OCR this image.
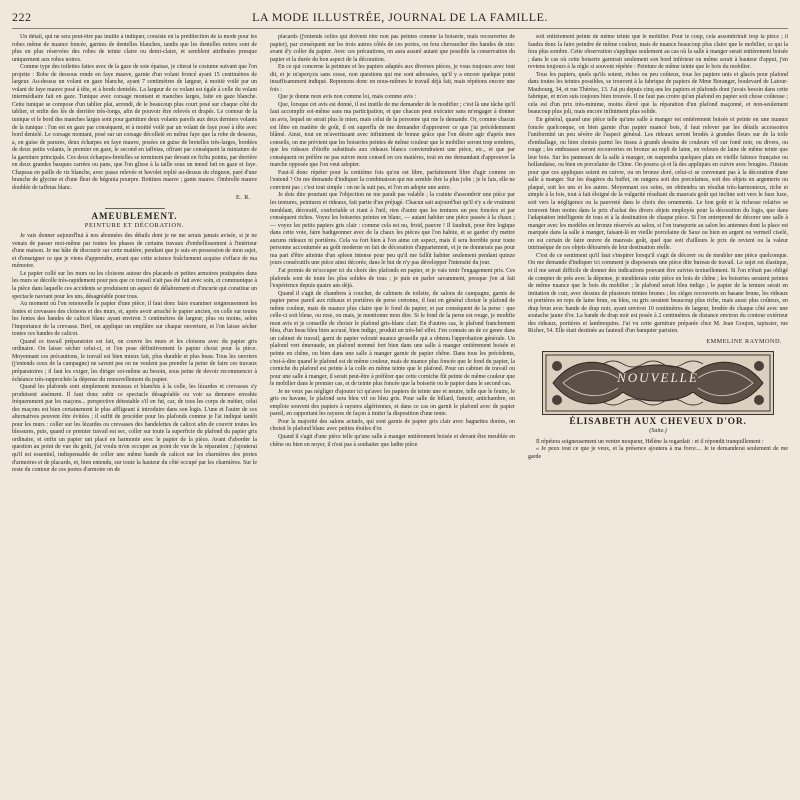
222	LA MODE ILLUSTRÉE, JOURNAL DE LA FAMILLE.

Un détail, qui ne sera peut-être pas inutile à indiquer, consiste en la prédilection de la mode pour les robes même de nuance foncée, garnies de dentelles blanches, tandis que les dentelles noires sont de plus en plus réservées des robes de teinte claire ou demi-claire, et semblent attribuées presque uniquement aux robes noires.

Comme type des toilettes faites avec de la gaze de soie épaisse, je citerai le costume suivant que l'on projette : Robe de dessous ronde en faye mauve, garnie d'un volant froncé ayant 15 centimètres de largeur. Au-dessus un volant en gaze blanche, ayant 7 centimètres de largeur, à moitié voilé par un volant de faye mauve posé à tête, et à bords dentelés. La largeur de ce volant est égale à celle du volant intermédiaire fait en gaze. Tunique avec corsage montant et manches larges, faite en gaze blanche. Cette tunique se compose d'un tablier plat, arrondi, de le beaucoup plus court posé sur chaque côté du tablier, et enfin des lés de derrière très-longs, afin de pouvoir être relevés et drapés. Le contour de la tunique et le bord des manches larges sont pour garniture deux volants pareils aux deux derniers volants de la tunique : l'un est en gaze par conséquent, et à moitié voilé par un volant de faye posé à tête avec bord dentelé. Le corsage montant, posé sur un corsage décolleté en même faye que la robe de dessous, a, en guise de parures, deux écharpes en faye mauve, posées en guise de bretelles très-larges, bordées de deux petits volants, le premier en gaze, le second en taffetas, offrant par conséquent la miniature de la garniture principale. Ces deux écharpes-bretelles se terminent par devant en fichu pointu, par derrière en deux grandes basques carrées ou pans, que l'on glisse à la taille sous un nœud fait en gaze et faye. Chapeau en paille de riz blanche, avec passe relevée et bavolet replié au-dessus du chignon, paré d'une branche de glycine et d'une fleur de bégonia pourpre. Bottines mauve ; gants mauve. Ombrelle mauve doublée de taffetas blanc.

E. R.
AMEUBLEMENT.
PEINTURE ET DÉCORATION.

Je vais donner aujourd'hui à nos abonnées des détails dont je ne me serais jamais avisée, si je ne venais de passer moi-même par toutes les phases de certains travaux d'embellissement à l'intérieur d'une maison. Je me hâte de discourir sur cette matière, pendant que je suis en possession de mon sujet, et d'enseigner ce que je viens d'apprendre, avant que cette science fraîchement acquise s'efface de ma mémoire.

Le papier collé sur les murs ou les cloisons autour des placards et petites armoires pratiquées dans les murs se décolle très-rapidement pour peu que ce travail n'ait pas été fait avec soin, et communique à la pièce dans laquelle ces accidents se produisent un aspect de délabrement et d'incurie qui constitue un spectacle navrant pour les uns, désagréable pour tous.

Au moment où l'on renouvelle le papier d'une pièce, il faut donc faire examiner soigneusement les fentes et crevasses des cloisons et des murs, et, après avoir arraché le papier ancien, on colle sur toutes les fentes des bandes de calicot blanc ayant environ 3 centimètres de largeur, plus ou moins, selon l'importance de la crevasse. Bref, on applique un emplâtre sur chaque ouverture, et l'on laisse sécher toutes ces bandes de calicot.

Quand ce travail préparatoire est fait, on couvre les murs et les cloisons avec du papier gris ordinaire. On laisse sécher celui-ci, et l'on pose définitivement le papier choisi pour la pièce. Moyennant ces précautions, le travail est bien mieux fait, plus durable et plus beau. Tous les ouvriers (j'entends ceux de la campagne) ne savent pas ou ne veulent pas prendre la peine de faire ces travaux préparatoires ; il faut les exiger, les diriger soi-même au besoin, sous peine de devoir recommencer à échéance très-rapprochée la dépense du renouvellement du papier.

Quand les plafonds sont simplement moussus et blanchis à la colle, les lézardes et crevasses s'y produisent aisément. Il faut donc subir ce spectacle désagréable ou voir sa demeure envahie fréquemment par les maçons... perspective détestable s'il en fut, car, de tous les corps de métier, celui des maçons est bien certainement le plus affligeant à introduire dans son logis. L'une et l'autre de ces alternatives peuvent être évitées ; il suffit de procéder pour les plafonds comme je l'ai indiqué tantôt pour les murs : coller sur les lézardes ou crevasses des bandelettes de calicot afin de couvrir toutes les blessures, puis, quand ce premier travail est sec, coller sur toute la superficie du plafond du papier gris ordinaire, et enfin un papier uni placé en harmonie avec le papier de la pièce. Avant d'aborder la question au point de vue du goût, j'ai voulu m'en occuper au point de vue de la réparation ; j'ajouterai qu'il est essentiel, indispensable de coller une même bande de calicot sur les charnières des portes d'armoires et de placards, et, bien entendu, sur toute la hauteur du côté occupé par les charnières. Sur le reste du contour de ces portes d'armoire on de

placards (j'entends celles qui doivent être non pas peintes comme la boiserie, mais recouvertes de papier), par conséquent sur les trois autres côtés de ces portes, on fera chevaucher des bandes de zinc avant d'y coller du papier. Avec ces précautions, on aura assuré autant que possible la conservation du papier et la durée du bon aspect de la décoration.

En ce qui concerne la peinture et les papiers adaptés aux diverses pièces, je vous toujours avec tout dit, et je m'aperçois sans cesse, non questions qui me sont adressées, qu'il y a encore quelque point insuffisamment indiqué. Reprenons donc en nous-mêmes le travail déjà fait, mais répétons encore une fois :

Que je donne mon avis non comme loi, mais comme avis :

Que, lorsque cet avis est donné, il est inutile de me demander de le modifier ; c'est là une tâche qu'il faut accomplir soi-même sans ma participation, et que chacun peut exécuter sans m'engager à donner un avis, lequel ne serait plus le mien, mais celui de la personne qui me le demande. Or, comme chacun est libre en matière de goût, il est superflu de me demander d'approuver ce que j'ai précédemment blâmé. Ainsi, tout en m'avertissant avec infiniment de bonne grâce que l'on désire agir d'après mes conseils, on me prévient que les boiseries peintes de même couleur que le mobilier seront trop sombres, que les rideaux d'étoffe substitués aux rideaux blancs conviendraient une pièce, etc., et que par conséquent on préfère ne pas suivre mon conseil en ces matières, tout en me demandant d'approuver la marche opposée que l'on veut adopter.

Faut-il donc répéter pour la centième fois qu'on est libre, parfaitement libre d'agir comme on l'entend ? On me demande d'indiquer la combinaison qui me semble être la plus jolie ; je le fais, elle ne convient pas ; c'est tout simple : on ne la suit pas, et l'on en adopte une autre.

Je dois dire pourtant que l'objection ne me paraît pas valable ; la crainte d'assombrir une pièce par les tentures, peintures et rideaux, fait partie d'un préjugé. Chacun sait aujourd'hui qu'il n'y a de vraiment meublant, décoratif, confortable et riant à l'œil, rien d'autre que les tentures un peu foncées et par conséquent riches. Voyez les boiseries peintes en blanc, — autant habiter une pièce passée à la chaux ; — voyez les petits papiers gris clair : comme cela est nu, froid, pauvre ! Il faudrait, pour être logique dans cette voie, faire badigeonner avec de la chaux les pièces que l'on habite, et se garder d'y mettre aucuns rideaux ni portières. Cela va fort bien à l'on aime cet aspect, mais il sera horrible pour toute personne accoutumée au goût moderne en fait de décoration d'appartement, et je ne donnerais pas pour ma part d'être atteinte d'un spleen intense pour peu qu'il me fallût habiter seulement pendant quinze jours consécutifs une pièce ainsi décorée, dans le but de n'y pas développer l'intensité du jour.

J'ai promis de m'occuper ici du choix des plafonds en papier, et je vais tenir l'engagement pris. Ces plafonds sont de toute les plus solides de tous ; je puis en parler savamment, presque j'en ai fait l'expérience depuis quatre ans déjà.

Quand il s'agit de chambres à coucher, de cabinets de toilette, de salons de campagne, garnis de papier perse pareil aux rideaux et portières de perse cretonne, il faut en général choisir le plafond de même couleur, mais de nuance plus claire que le fond du papier, et par conséquent de la perse : que celle-ci soit bleue, ou rose, ou mais, je mentionne mon dire. Si le fond de la perse est rouge, je modifie mon avis et je conseille de choisir le plafond gris-blanc clair. En d'autres cas, le plafond franchement bleu, d'un beau bleu bien accusé, bien indigo, produit un très-bel effet. J'en connais un de ce genre dans un cabinet de travail, garni de papier velouté nuance groseille qui a obtenu l'approbation générale. Un plafond vert émeraude, un plafond nommé fort bien dans une salle à manger entièrement boisée et peinte en chêne, ou bien dans une salle à manger garnie de papier chêne. Dans tous les précédents, c'est-à-dire quand le plafond est de même couleur, mais de nuance plus foncée que le fond du papier, la corniche du plafond est peinte à la colle en même teinte que le plafond. Pour un cabinet de travail ou pour une salle à manger, il serait peut-être à préférer que cette corniche fût peinte de même couleur que le mobilier dans le premier cas, et de teinte plus foncée que la boiserie ou le papier dans le second cas.

Je ne veux pas négliger d'ajouter ici qu'avec les papiers de teinte une et neutre, telle que le feutre, le gris ou havane, le plafond sera bleu vif ou bleu gris. Pour salle de billard, fumoir, antichambre, on emploie souvent des papiers à rayures algériennes, et dans ce cas on garnit le plafond avec de papier pareil, en rapportant les rayures de façon à imiter la disposition d'une tente.

Pour la majorité des salons actuels, qui sont garnis de papier gris clair avec baguettes dorées, on choisit le plafond blanc avec petites étoiles d'or.

Quand il s'agit d'une pièce telle qu'une salle à manger entièrement boisée et devant être meublée en chêne ou bien en noyer, il n'est pas à souhaiter que ladite pièce

soit entièrement peinte de même teinte que le mobilier. Pour le coup, cela assombrirait trop la pièce ; il faudra donc la faire peindre de même couleur, mais de nuance beaucoup plus claire que le mobilier, ce qui la fera plus sombre. Cette observation s'applique seulement au cas où la salle à manger serait entièrement boisée ; dans le cas où cette boiserie garnirait seulement son bord inférieur ou même serait à hauteur d'appui, j'en reviens toujours à la règle si souvent répétée : Peinture de même teinte que le bois du mobilier.

Tous les papiers, quels qu'ils soient, riches ou peu coûteux, tous les papiers unis et glacés pour plafond dans toutes les teintes possibles, se trouvent à la fabrique de papiers de Mme Boranger, boulevard de Latour-Maubourg, 34, et rue Thérèse, 13. J'ai pu depuis cinq ans les papiers et plafonds dont j'avais besoin dans cette fabrique, et m'en suis toujours bien trouvée. Il ne faut pas croire qu'un plafond en papier soit chose coûteuse ; cela est d'un prix très-minime, moins élevé que la réparation d'un plafond maçonné, et non-seulement beaucoup plus joli, mais encore infiniment plus solide.

En général, quand une pièce telle qu'une salle à manger est entièrement boisée et peinte en une nuance foncée quelconque, on bien garnie d'un papier nuancé bois, il faut relever par les détails accessoires l'uniformité un peu sévère de l'aspect général. Les rideaux seront brodés à grandes fleurs sur de la toile d'emballage, ou bien choisis parmi les tissus à grands dessins de couleurs vif sur fond noir, ou divers, ou rouge ; les embrasses seront recouvertes en bronze au repli de laine, en velours de laine de même teinte que leur bois. Sur les panneaux de la salle à manger, on suspendra quelques plats en vieille faïence française ou hollandaise, ou bien en porcelaine de Chine. On posera çà et là des appliques en cuivre avec bougies. J'insiste pour que ces appliques soient en cuivre, ou en bronze doré, celui-ci se convenant pas à la décoration d'une salle à manger. Sur les étagères du buffet, on rangera soit des porcelaines, soit des objets en argenterie ou plaqué, soit les uns et les autres. Moyennant ces soins, on obtiendra un résultat très-harmonieux, riche et simple à la fois, tout à fait éloigné de la vulgarité résultant du mauvais goût qui incline soit vers le faux luxe, soit vers la négligence ou la pauvreté dans le choix des ornements. Le bon goût et la richesse relative se trouvent bien moins dans le prix d'achat des divers objets employés pour la décoration du logis, que dans l'adaptation intelligente de tous et à la destination de chaque pièce. Si l'on entreprend de décorer une salle à manger avec les modèles en bronze réservés au salon, si l'on transporte au salon les antennes dont la place est marquée dans la salle à manger, faisant-là en vieille porcelaine de Saxe ou bien en argent ou vermeil ciselé, on est certain de faire œuvre de mauvais goût, quel que soit d'ailleurs le prix de revient ou la valeur intrinsèque de ces objets détournés de leur destination réelle.

C'est de ce sentiment qu'il faut s'inspirer lorsqu'il s'agit de décorer ou de meubler une pièce quelconque. On me demande d'indiquer ici comment je disposerais une pièce dite bureau de travail. Le sujet est élastique, et il me serait difficile de donner des indications pouvant être suivies textuellement. Si l'on n'était pas obligé de compter de près avec la dépense, je meublerais cette pièce en bois de chêne ; les boiseries seraient peintes de même nuance que le bois du mobilier ; le plafond serait bleu indigo ; le papier de la tenture serait en imitation de cuir, avec dessins de plusieurs teintes brunes ; les sièges recouverts en basane brune, les rideaux et portières en reps de laine brun, ou bleu, ou gris seraient beaucoup plus riche, mais aussi plus coûteux, en drap brun avec bande de drap noir, ayant environ 10 centimètres de largeur, brodée de chaque côté avec une soutache jaune d'or. La bande de drap noir est posée à 2 centimètres de distance environ du contour extérieur des rideaux, portières et lambrequins. J'ai vu cette garniture préparée chez M. Jean Goujon, tapissier, rue Richer, 54. Elle était destinée au fauteuil d'un banquier parisien.

EMMELINE RAYMOND.
NOUVELLE
ÉLISABETH AUX CHEVEUX D'OR.
(Suite.)

Il répétera soigneusement un ventre moqueur, Hélène la regardait : et il répondit tranquillement :

« Je peux tout ce que je veux, et la présence ajoutera à ma force.... Je te demanderai seulement de me garde
